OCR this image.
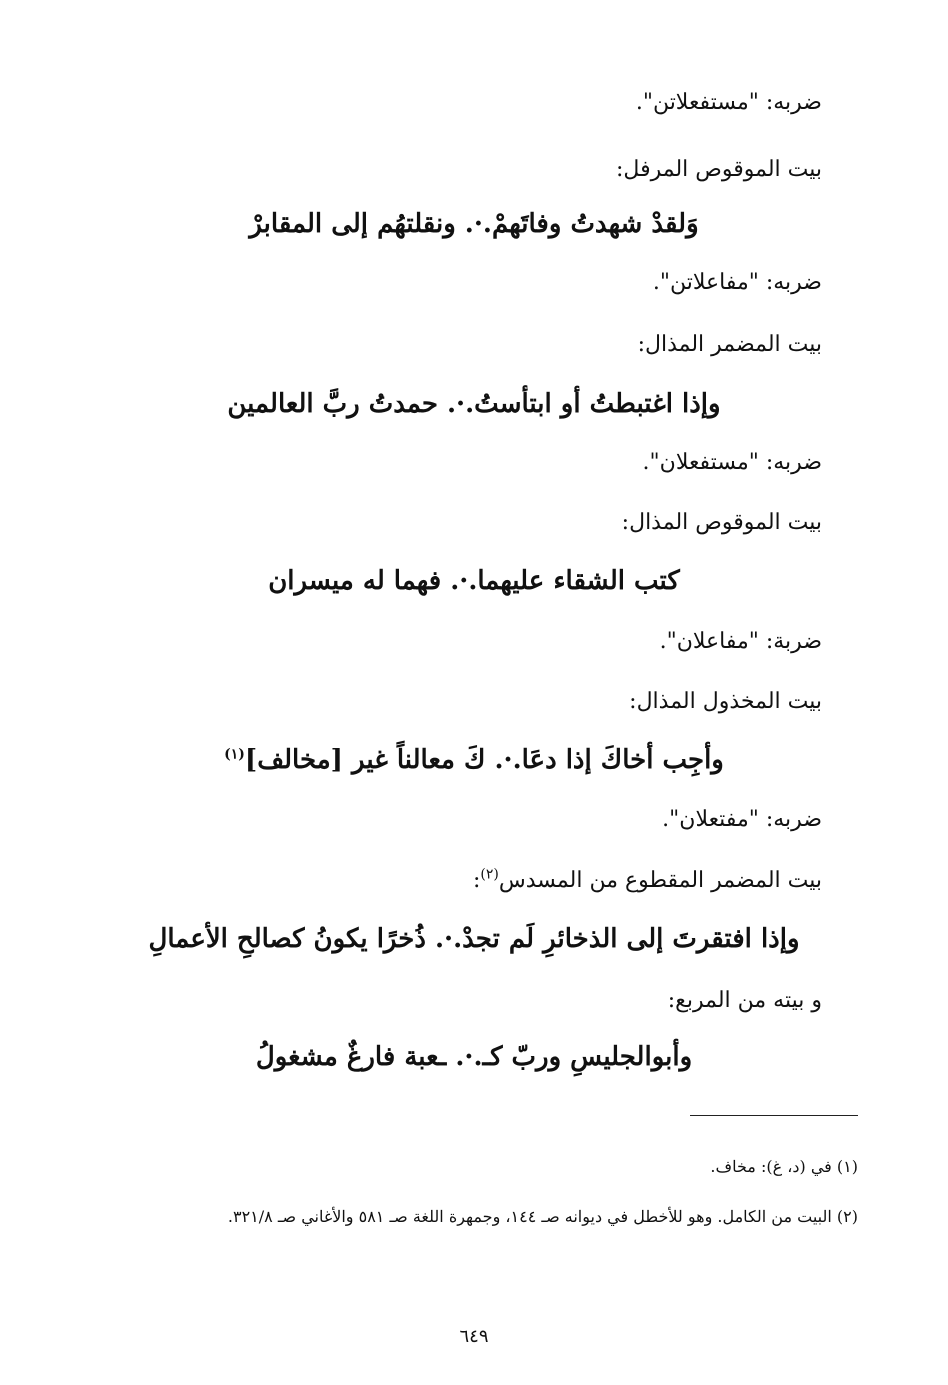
ضربه: "مستفعلاتن".
بيت الموقوص المرفل:
وَلقدْ شهدتُ وفاتَهمْ.·. ونقلتهُم إلى المقابرْ
ضربه: "مفاعلاتن".
بيت المضمر المذال:
وإذا اغتبطتُ أو ابتأستُ.·. حمدتُ ربَّ العالمين
ضربه: "مستفعلان".
بيت الموقوص المذال:
كتب الشقاء عليهما.·. فهما له ميسران
ضربة: "مفاعلان".
بيت المخذول المذال:
وأجِب أخاكَ إذا دعَا.·. كَ معالناً غير [مخالف]$^{(١)}$
ضربه: "مفتعلان".
بيت المضمر المقطوع من المسدس$^{(٢)}$:
وإذا افتقرتَ إلى الذخائرِ لَم تجدْ.·. ذُخرًا يكونُ كصالحِ الأعمالِ
و بيته من المربع:
وأبوالجليسِ وربّ كـ.·. ـعبة فارغٌ مشغولُ
(١) في (د، غ): مخاف.
(٢) البيت من الكامل. وهو للأخطل في ديوانه صـ ١٤٤، وجمهرة اللغة صـ ٥٨١ والأغاني صـ ٣٢١/٨.
٦٤٩
